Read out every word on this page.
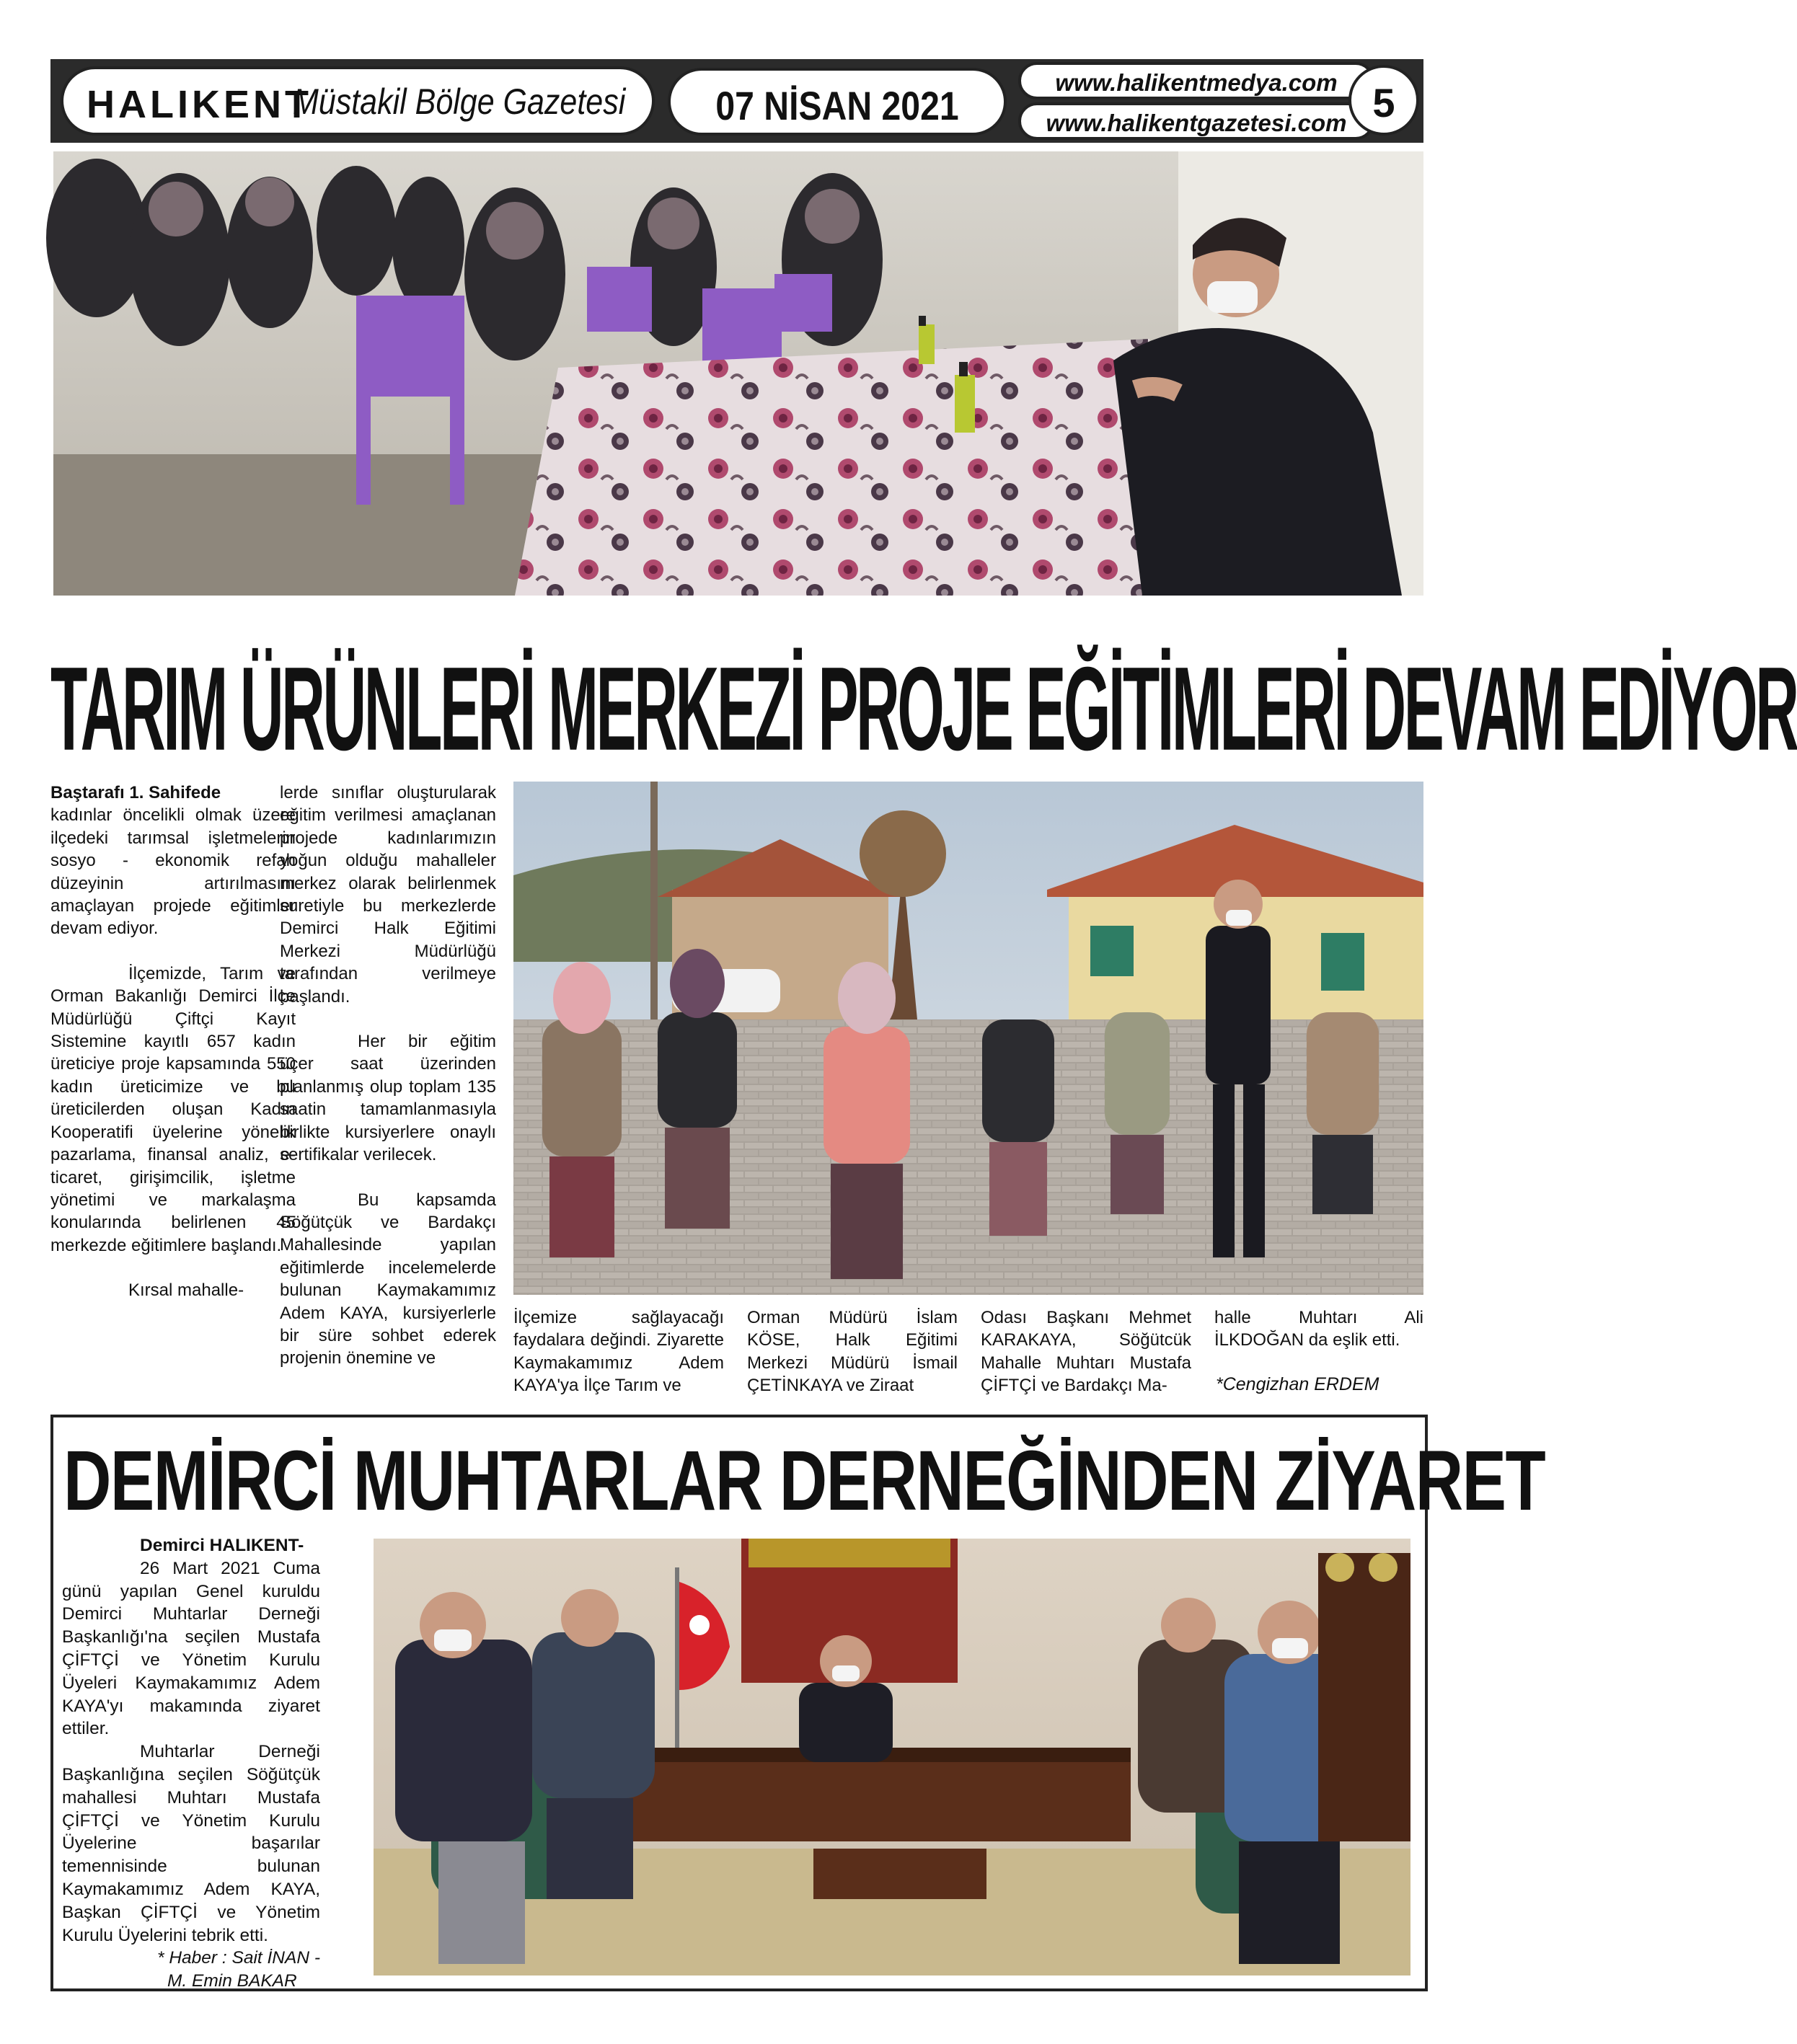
HALIKENT
Müstakil Bölge Gazetesi	07 NİSAN 2021
www.halikentmedya.com
www.halikentgazetesi.com 5
TARIM ÜRÜNLERİ MERKEZİ PROJE EĞİTİMLERİ DEVAM EDİYOR

Baştarafı 1. Sahifede

kadınlar öncelikli olmak üzere ilçedeki tarımsal işletmelerin sosyo - ekonomik refah düzeyinin artırılmasını amaçlayan projede eğitimler devam ediyor.

İlçemizde, Tarım ve Orman Bakanlığı Demirci İlçe Müdürlüğü Çiftçi Kayıt Sistemine kayıtlı 657 kadın üreticiye proje kapsamında 550 kadın üreticimize ve bu üreticilerden oluşan Kadın Kooperatifi üyelerine yönelik pazarlama, finansal analiz, e-ticaret, girişimcilik, işletme yönetimi ve markalaşma konularında belirlenen 45 merkezde eğitimlere başlandı.

Kırsal mahalle-

lerde sınıflar oluşturularak eğitim verilmesi amaçlanan projede kadınlarımızın yoğun olduğu mahalleler merkez olarak belirlenmek suretiyle bu merkezlerde Demirci Halk Eğitimi Merkezi Müdürlüğü tarafından verilmeye başlandı.

Her bir eğitim üçer saat üzerinden planlanmış olup toplam 135 saatin tamamlanmasıyla birlikte kursiyerlere onaylı sertifikalar verilecek.

Bu kapsamda Söğütçük ve Bardakçı Mahallesinde yapılan eğitimlerde incelemelerde bulunan Kaymakamımız Adem KAYA, kursiyerlerle bir süre sohbet ederek projenin önemine ve

İlçemize sağlayacağı faydalara değindi. Ziyarette Kaymakamımız Adem KAYA'ya İlçe Tarım ve

Orman Müdürü İslam KÖSE, Halk Eğitimi Merkezi Müdürü İsmail ÇETİNKAYA ve Ziraat

Odası Başkanı Mehmet KARAKAYA, Söğütcük Mahalle Muhtarı Mustafa ÇİFTÇİ ve Bardakçı Ma-

halle Muhtarı Ali İLKDOĞAN da eşlik etti.

*Cengizhan ERDEM
DEMİRCİ MUHTARLAR DERNEĞİNDEN ZİYARET

Demirci HALIKENT-

26 Mart 2021 Cuma günü yapılan Genel kuruldu Demirci Muhtarlar Derneği Başkanlığı'na seçilen Mustafa ÇİFTÇİ ve Yönetim Kurulu Üyeleri Kaymakamımız Adem KAYA'yı makamında ziyaret ettiler.

Muhtarlar Derneği Başkanlığına seçilen Söğütçük mahallesi Muhtarı Mustafa ÇİFTÇİ ve Yönetim Kurulu Üyelerine başarılar temennisinde bulunan Kaymakamımız Adem KAYA, Başkan ÇİFTÇİ ve Yönetim Kurulu Üyelerini tebrik etti.

* Haber : Sait İNAN -

M. Emin BAKAR
